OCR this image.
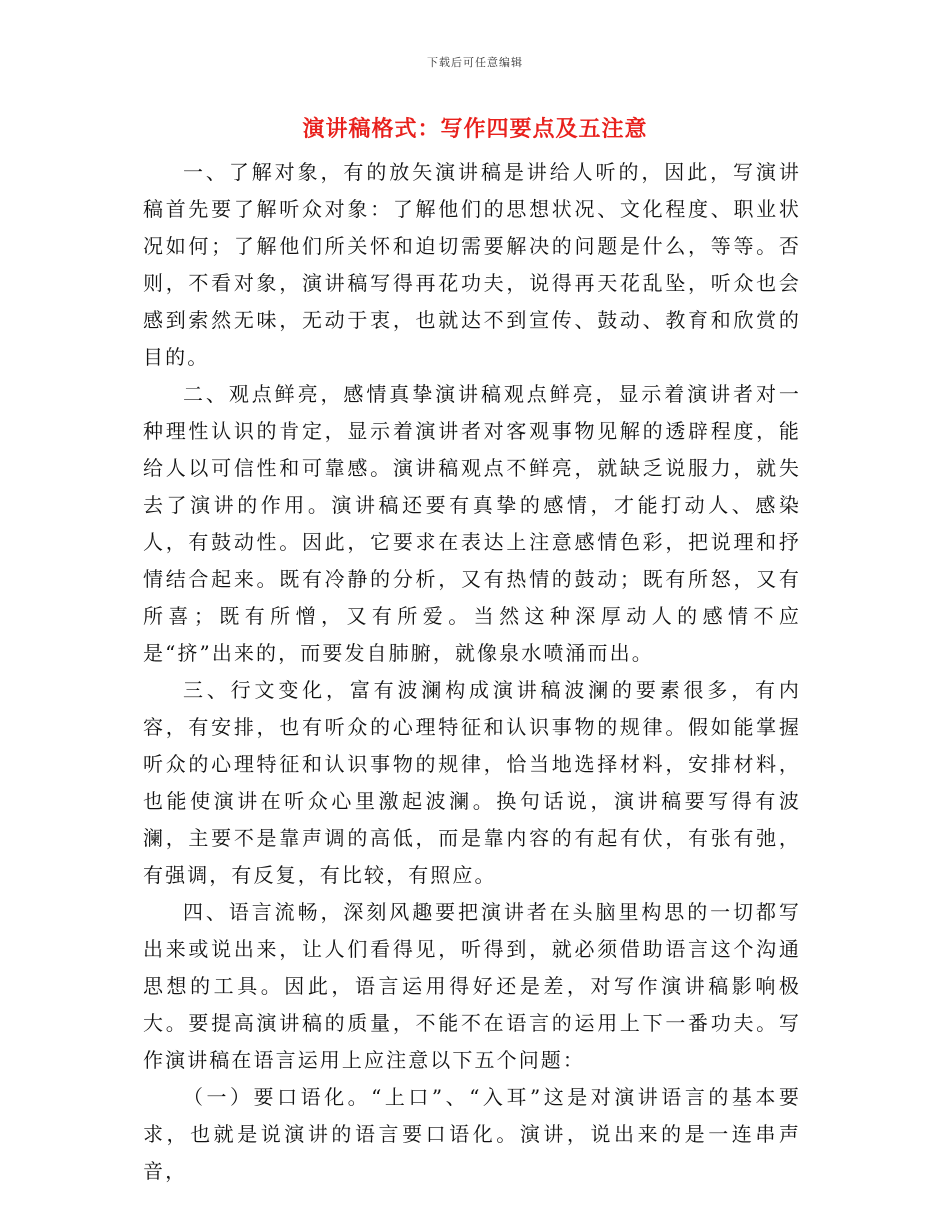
下载后可任意编辑
演讲稿格式：写作四要点及五注意

一、了解对象，有的放矢演讲稿是讲给人听的，因此，写演讲稿首先要了解听众对象：了解他们的思想状况、文化程度、职业状况如何；了解他们所关怀和迫切需要解决的问题是什么，等等。否则，不看对象，演讲稿写得再花功夫，说得再天花乱坠，听众也会感到索然无味，无动于衷，也就达不到宣传、鼓动、教育和欣赏的目的。

二、观点鲜亮，感情真挚演讲稿观点鲜亮，显示着演讲者对一种理性认识的肯定，显示着演讲者对客观事物见解的透辟程度，能给人以可信性和可靠感。演讲稿观点不鲜亮，就缺乏说服力，就失去了演讲的作用。演讲稿还要有真挚的感情，才能打动人、感染人，有鼓动性。因此，它要求在表达上注意感情色彩，把说理和抒情结合起来。既有冷静的分析，又有热情的鼓动；既有所怒，又有所喜；既有所憎，又有所爱。当然这种深厚动人的感情不应是“挤”出来的，而要发自肺腑，就像泉水喷涌而出。

三、行文变化，富有波澜构成演讲稿波澜的要素很多，有内容，有安排，也有听众的心理特征和认识事物的规律。假如能掌握听众的心理特征和认识事物的规律，恰当地选择材料，安排材料，也能使演讲在听众心里激起波澜。换句话说，演讲稿要写得有波澜，主要不是靠声调的高低，而是靠内容的有起有伏，有张有弛，有强调，有反复，有比较，有照应。

四、语言流畅，深刻风趣要把演讲者在头脑里构思的一切都写出来或说出来，让人们看得见，听得到，就必须借助语言这个沟通思想的工具。因此，语言运用得好还是差，对写作演讲稿影响极大。要提高演讲稿的质量，不能不在语言的运用上下一番功夫。写作演讲稿在语言运用上应注意以下五个问题：

（一）要口语化。“上口”、“入耳”这是对演讲语言的基本要求，也就是说演讲的语言要口语化。演讲，说出来的是一连串声音，
